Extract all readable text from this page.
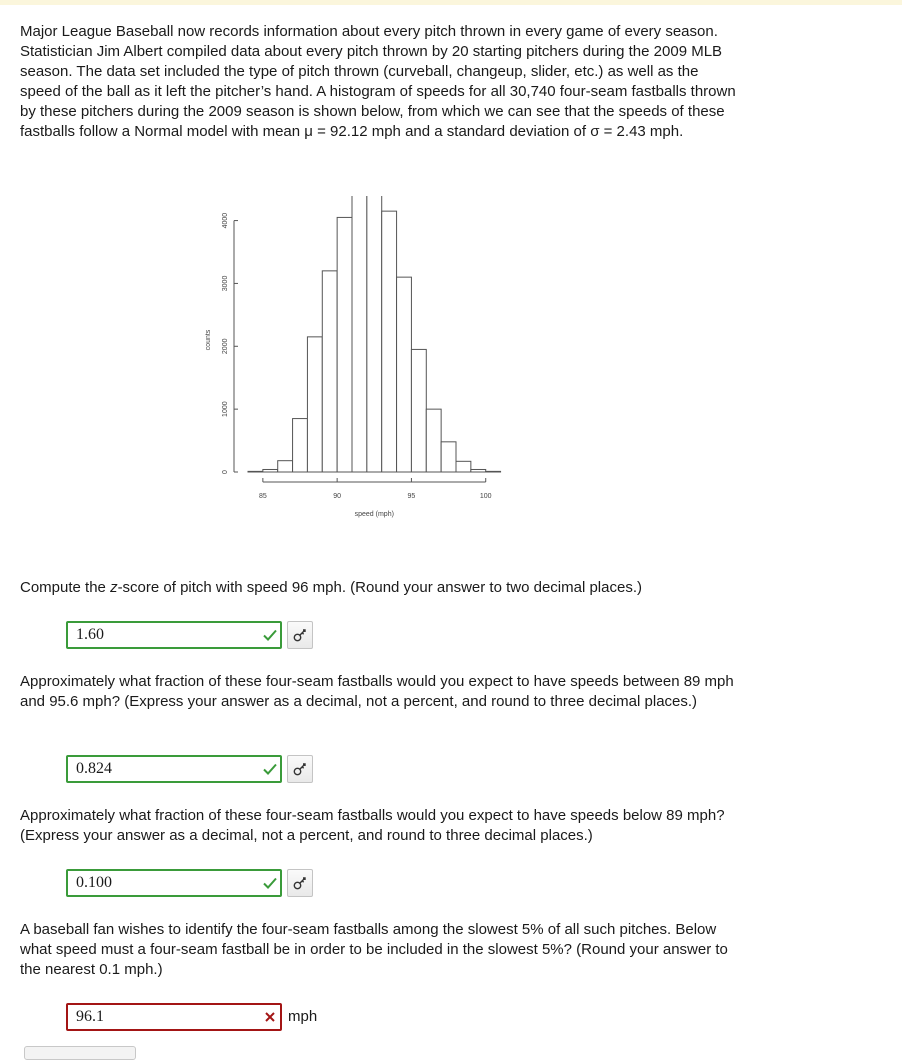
Major League Baseball now records information about every pitch thrown in every game of every season. Statistician Jim Albert compiled data about every pitch thrown by 20 starting pitchers during the 2009 MLB season. The data set included the type of pitch thrown (curveball, changeup, slider, etc.) as well as the speed of the ball as it left the pitcher’s hand. A histogram of speeds for all 30,740 four-seam fastballs thrown by these pitchers during the 2009 season is shown below, from which we can see that the speeds of these fastballs follow a Normal model with mean μ = 92.12 mph and a standard deviation of σ = 2.43 mph.

0
1000
2000
3000
4000
counts
85	90	95	100
speed (mph)

Compute the z-score of pitch with speed 96 mph. (Round your answer to two decimal places.)

1.60

Approximately what fraction of these four-seam fastballs would you expect to have speeds between 89 mph and 95.6 mph? (Express your answer as a decimal, not a percent, and round to three decimal places.)

0.824

Approximately what fraction of these four-seam fastballs would you expect to have speeds below 89 mph? (Express your answer as a decimal, not a percent, and round to three decimal places.)

0.100

A baseball fan wishes to identify the four-seam fastballs among the slowest 5% of all such pitches. Below what speed must a four-seam fastball be in order to be included in the slowest 5%? (Round your answer to the nearest 0.1 mph.)

96.1	mph
